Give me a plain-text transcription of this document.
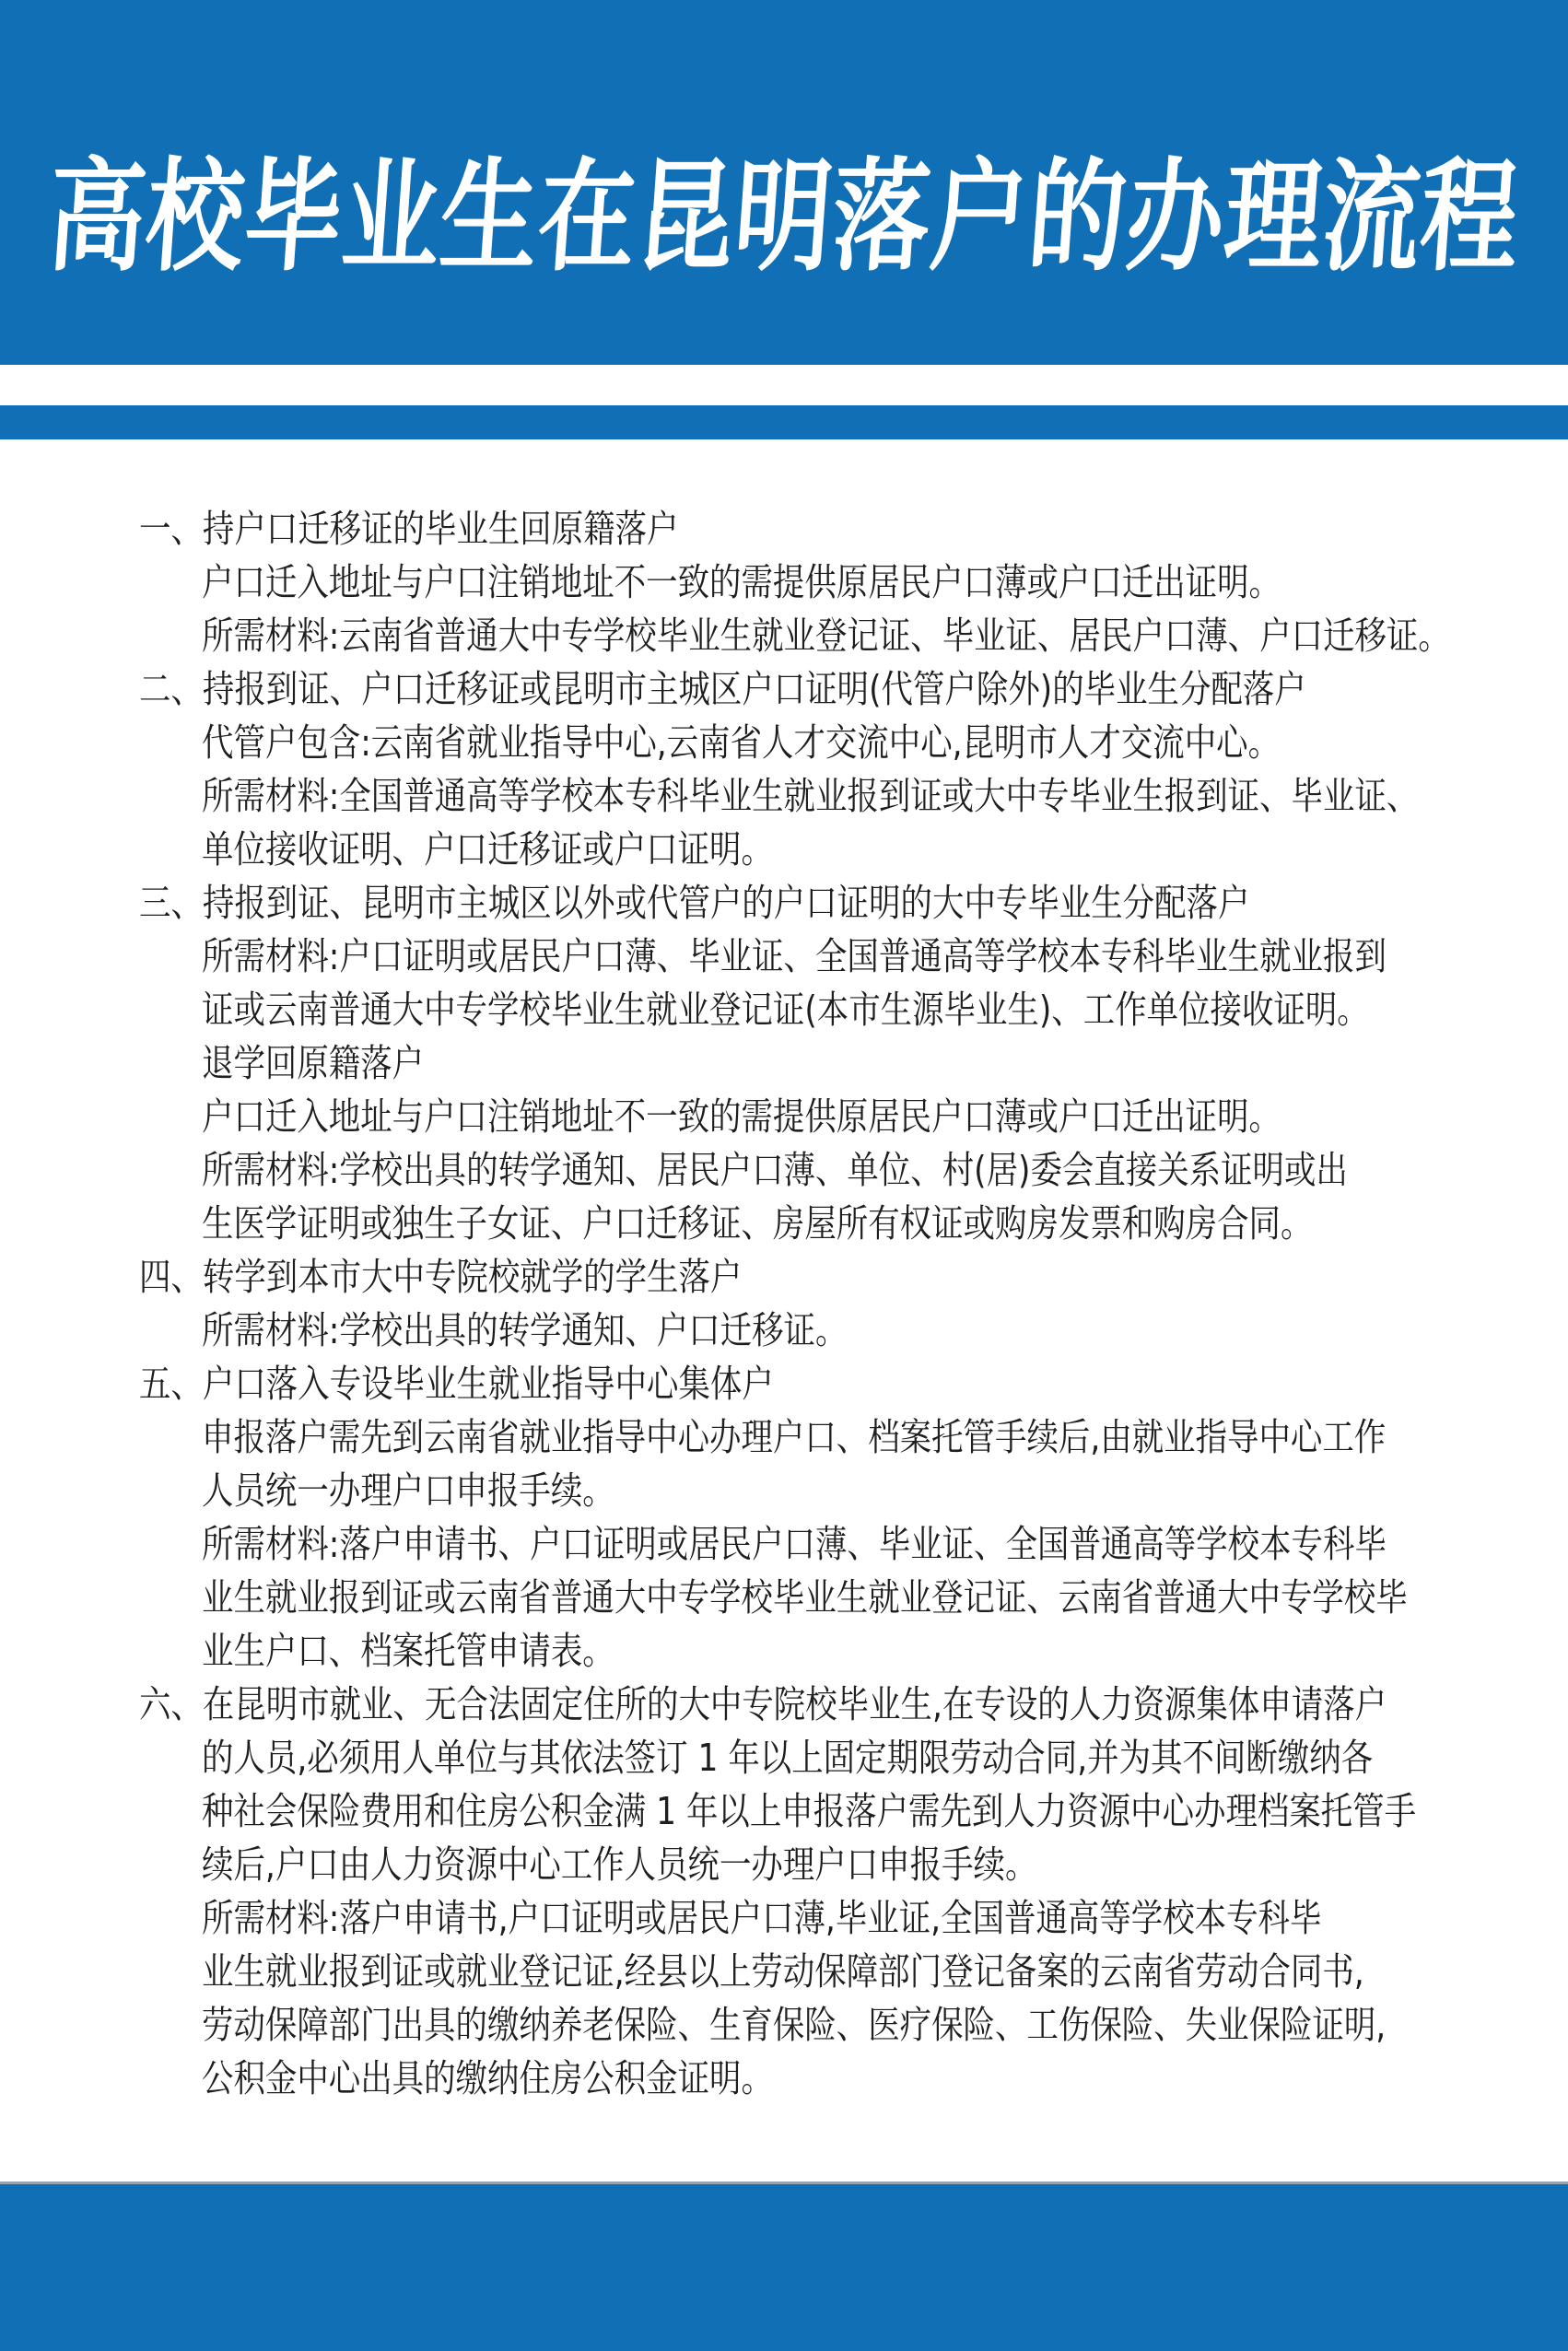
高校毕业生在昆明落户的办理流程
一、持户口迁移证的毕业生回原籍落户
户口迁入地址与户口注销地址不一致的需提供原居民户口薄或户口迁出证明。
所需材料:云南省普通大中专学校毕业生就业登记证、毕业证、居民户口薄、户口迁移证。
二、持报到证、户口迁移证或昆明市主城区户口证明(代管户除外)的毕业生分配落户
代管户包含:云南省就业指导中心,云南省人才交流中心,昆明市人才交流中心。
所需材料:全国普通高等学校本专科毕业生就业报到证或大中专毕业生报到证、毕业证、
单位接收证明、户口迁移证或户口证明。
三、持报到证、昆明市主城区以外或代管户的户口证明的大中专毕业生分配落户
所需材料:户口证明或居民户口薄、毕业证、全国普通高等学校本专科毕业生就业报到
证或云南普通大中专学校毕业生就业登记证(本市生源毕业生)、工作单位接收证明。
退学回原籍落户
户口迁入地址与户口注销地址不一致的需提供原居民户口薄或户口迁出证明。
所需材料:学校出具的转学通知、居民户口薄、单位、村(居)委会直接关系证明或出
生医学证明或独生子女证、户口迁移证、房屋所有权证或购房发票和购房合同。
四、转学到本市大中专院校就学的学生落户
所需材料:学校出具的转学通知、户口迁移证。
五、户口落入专设毕业生就业指导中心集体户
申报落户需先到云南省就业指导中心办理户口、档案托管手续后,由就业指导中心工作
人员统一办理户口申报手续。
所需材料:落户申请书、户口证明或居民户口薄、毕业证、全国普通高等学校本专科毕
业生就业报到证或云南省普通大中专学校毕业生就业登记证、云南省普通大中专学校毕
业生户口、档案托管申请表。
六、在昆明市就业、无合法固定住所的大中专院校毕业生,在专设的人力资源集体申请落户
的人员,必须用人单位与其依法签订 1 年以上固定期限劳动合同,并为其不间断缴纳各
种社会保险费用和住房公积金满 1 年以上申报落户需先到人力资源中心办理档案托管手
续后,户口由人力资源中心工作人员统一办理户口申报手续。
所需材料:落户申请书,户口证明或居民户口薄,毕业证,全国普通高等学校本专科毕
业生就业报到证或就业登记证,经县以上劳动保障部门登记备案的云南省劳动合同书,
劳动保障部门出具的缴纳养老保险、生育保险、医疗保险、工伤保险、失业保险证明,
公积金中心出具的缴纳住房公积金证明。
